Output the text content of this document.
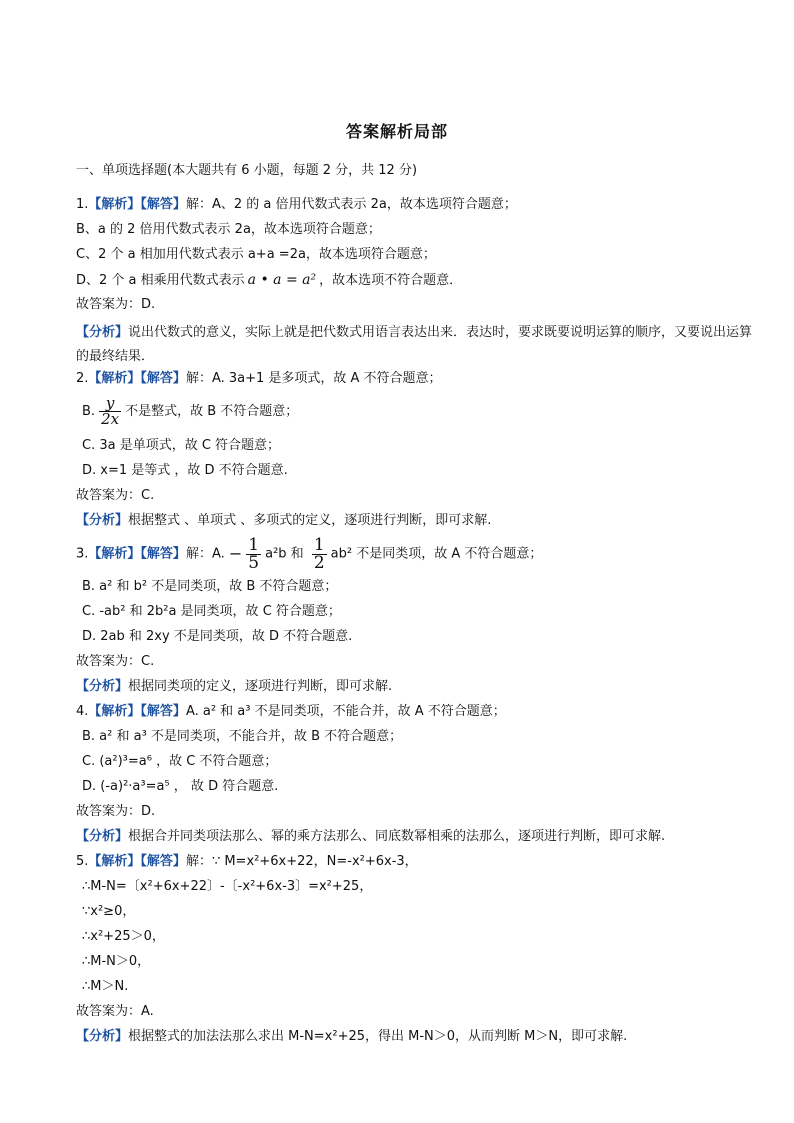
答案解析局部
一、单项选择题(本大题共有 6 小题，每题 2 分，共 12 分)
1.【解析】【解答】解：A、2 的 a 倍用代数式表示 2a，故本选项符合题意；
B、a 的 2 倍用代数式表示 2a，故本选项符合题意；
C、2 个 a 相加用代数式表示 a+a =2a，故本选项符合题意；
D、2 个 a 相乘用代数式表示 a • a = a² ，故本选项不符合题意．
故答案为：D.
【分析】说出代数式的意义，实际上就是把代数式用语言表达出来．表达时，要求既要说明运算的顺序，又要说出运算的最终结果．
2.【解析】【解答】解：A. 3a+1 是多项式，故 A 不符合题意；
B. $\frac{y}{2x}$ 不是整式，故 B 不符合题意；
C. 3a 是单项式，故 C 符合题意；
D. x=1 是等式 ，故 D 不符合题意.
故答案为：C.
【分析】根据整式 、单项式 、多项式的定义，逐项进行判断，即可求解.
3.【解析】【解答】解：A. − $\frac{1}{5} a^2b$ 和 $\frac{1}{2} ab^2$ 不是同类项，故 A 不符合题意；
B. a² 和 b² 不是同类项，故 B 不符合题意；
C. -ab² 和 2b²a 是同类项，故 C 符合题意；
D. 2ab 和 2xy 不是同类项，故 D 不符合题意.
故答案为：C.
【分析】根据同类项的定义，逐项进行判断，即可求解.
4.【解析】【解答】A. a² 和 a³ 不是同类项，不能合并，故 A 不符合题意；
B. a² 和 a³ 不是同类项，不能合并，故 B 不符合题意；
C. (a²)³=a⁶ ，故 C 不符合题意；
D. (-a)²·a³=a⁵ ， 故 D 符合题意.
故答案为：D.
【分析】根据合并同类项法那么、幂的乘方法那么、同底数幂相乘的法那么，逐项进行判断，即可求解.
5.【解析】【解答】解：∵ M=x²+6x+22，N=-x²+6x-3，
∴M-N=〔x²+6x+22〕-〔-x²+6x-3〕=x²+25，
∵x²≥0，
∴x²+25＞0，
∴M-N＞0，
∴M＞N.
故答案为：A.
【分析】根据整式的加法法那么求出 M-N=x²+25，得出 M-N＞0，从而判断 M＞N，即可求解.
